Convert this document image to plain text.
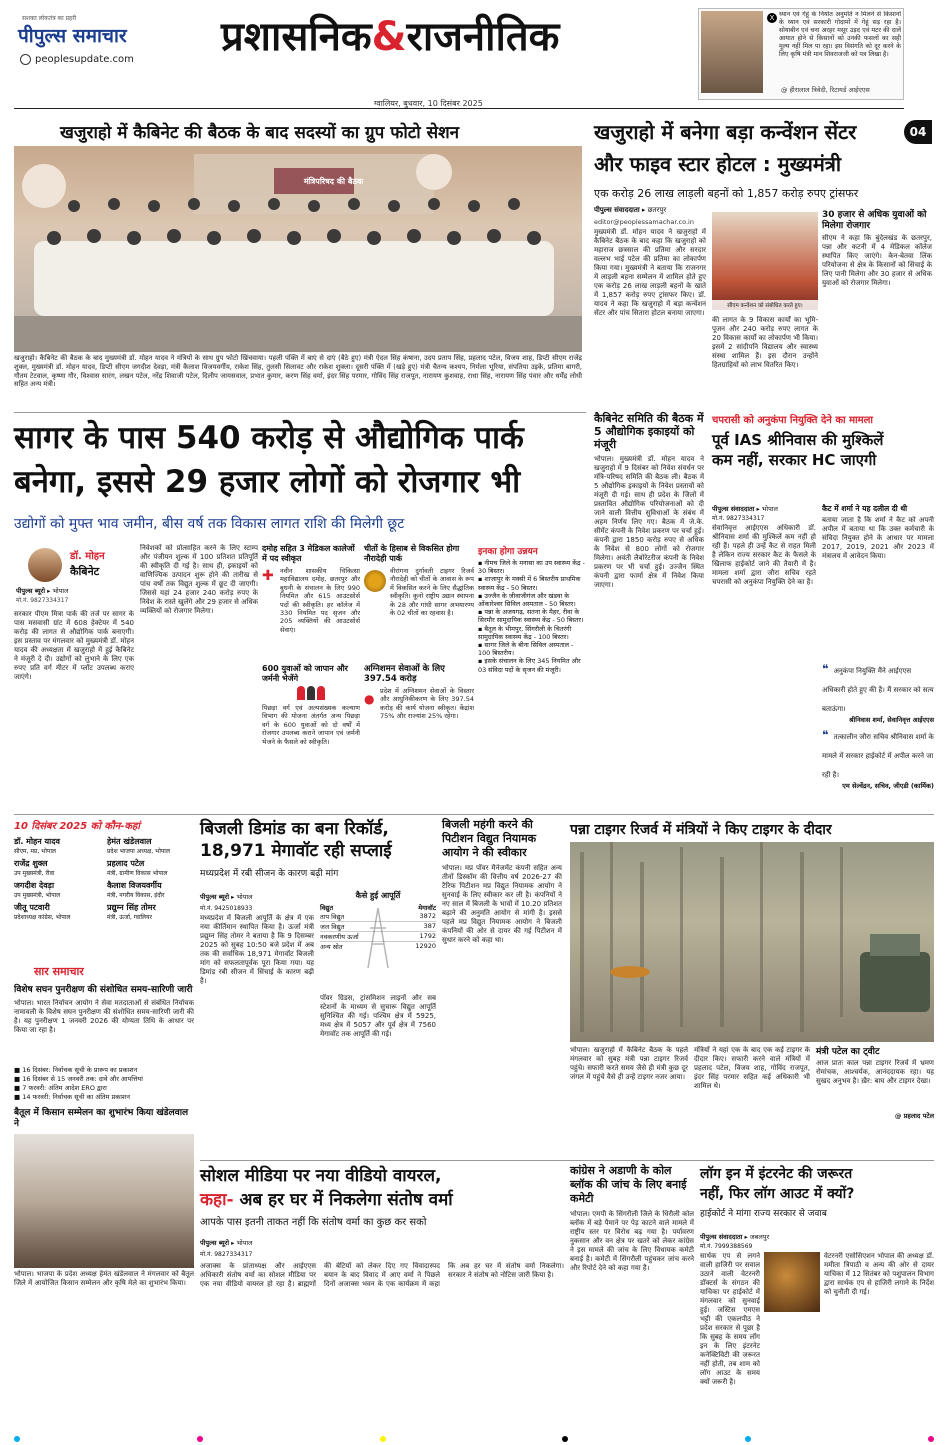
सशक्त लोकतंत्र का प्रहरी
पीपुल्स समाचार
peoplesupdate.com प्रशासनिक&राजनीतिक
ग्वालियर, बुधवार, 10 दिसंबर 2025
X ध्यान एवं गेहूं के निर्यात अनुमति न मिलने से किसानों के ध्यान एवं सरकारी गोदामों में गेहूं सड़ रहा है। सोयाबीन एवं चना अरहर मसूर उड़द एवं मटर की दालें आयात होने से किसानों को उनकी फसलों का सही मूल्य नहीं मिल पा रहा। इस विसंगति को दूर करने के लिए कृषि मंत्री मान शिवराजजी को पत्र लिखा है।
@ हीरालाल त्रिवेदी, रिटायर्ड आईएएस
04
खजुराहो में कैबिनेट की बैठक के बाद सदस्यों का ग्रुप फोटो सेशन
मंत्रिपरिषद की बैठक
खजुराहो। कैबिनेट की बैठक के बाद मुख्यमंत्री डॉ. मोहन यादव ने मंत्रियों के साथ ग्रुप फोटो खिंचवाया। पहली पंक्ति में बाएं से दाएं (बैठे हुए) मंत्री ऐदल सिंह कंषाना, उदय प्रताप सिंह, प्रहलाद पटेल, विजय शाह, डिप्टी सीएम राजेंद्र शुक्ल, मुख्यमंत्री डॉ. मोहन यादव, डिप्टी सीएम जगदीश देवड़ा, मंत्री कैलाश विजयवर्गीय, राकेश सिंह, तुलसी सिलावट और राकेश शुक्ला। दूसरी पंक्ति में (खड़े हुए) मंत्री चैतन्य कश्यप, निर्मला भूरिया, संपतिया उइके, प्रतिमा बागरी, गौतम टेटवाल, कृष्णा गौर, विश्वास सारंग, लखन पटेल, नरेंद्र शिवाजी पटेल, दिलीप जायसवाल, प्रभात कुमार, करण सिंह वर्मा, इंदर सिंह परमार, गोविंद सिंह राजपूत, नारायण कुशवाह, राधा सिंह, नारायण सिंह पंवार और धर्मेंद्र लोधी सहित अन्य मंत्री।
खजुराहो में बनेगा बड़ा कन्वेंशन सेंटर
और फाइव स्टार होटल : मुख्यमंत्री
एक करोड़ 26 लाख लाड़ली बहनों को 1,857 करोड़ रुपए ट्रांसफर
पीपुल्स संवाददाता ▸ छतरपुर
editor@peoplessamachar.co.in
मुख्यमंत्री डॉ. मोहन यादव ने खजुराहो में कैबिनेट बैठक के बाद कहा कि खजुराहो को महाराज छत्रसाल की प्रतिमा और सरदार वल्लभ भाई पटेल की प्रतिमा का लोकार्पण किया गया। मुख्यमंत्री ने बताया कि राजनगर में लाड़ली बहना सम्मेलन में शामिल होते हुए एक करोड़ 26 लाख लाड़ली बहनों के खाते में 1,857 करोड़ रुपए ट्रांसफर किए। डॉ. यादव ने कहा कि खजुराहो में बड़ा कन्वेंशन सेंटर और पांच सितारा होटल बनाया जाएगा।
सीएम कन्वेंशन को संबोधित करते हुए।
की लागत के 9 विकास कार्यों का भूमि-पूजन और 240 करोड़ रुपए लागत के 20 विकास कार्यों का लोकार्पण भी किया। इसमें 2 सांदीपनि विद्यालय और स्वास्थ्य संस्था शामिल हैं। इस दौरान उन्होंने हितग्राहियों को लाभ वितरित किए।
30 हजार से अधिक युवाओं को मिलेगा रोजगार
सीएम ने कहा कि बुंदेलखंड के छतरपुर, पन्ना और कटनी में 4 मेडिकल कॉलेज स्थापित किए जाएंगे। केन-बेतवा लिंक परियोजना से क्षेत्र के किसानों को सिंचाई के लिए पानी मिलेगा और 30 हजार से अधिक युवाओं को रोजगार मिलेगा।
सागर के पास 540 करोड़ से औद्योगिक पार्क
बनेगा, इससे 29 हजार लोगों को रोजगार भी
उद्योगों को मुफ्त भाव जमीन, बीस वर्ष तक विकास लागत राशि की मिलेगी छूट
डॉ. मोहन
कैबिनेट
पीपुल्स ब्यूरो ▸ भोपाल
मो.नं. 9827334317
सरकार पीएम मित्रा पार्क की तर्ज पर सागर के पास मसवासी ग्रांट में 608 हेक्टेयर में 540 करोड़ की लागत से औद्योगिक पार्क बनाएगी। इस प्रस्ताव पर मंगलवार को मुख्यमंत्री डॉ. मोहन यादव की अध्यक्षता में खजुराहो में हुई कैबिनेट ने मंजूरी दे दी। उद्योगों को लुभाने के लिए एक रुपए प्रति वर्ग मीटर में प्लॉट उपलब्ध कराए जाएंगे।
निवेशकों को प्रोत्साहित करने के लिए स्टाम्प और पंजीयन शुल्क में 100 प्रतिशत प्रतिपूर्ति की स्वीकृति दी गई है। साथ ही, इकाइयों को वाणिज्यिक उत्पादन शुरू होने की तारीख से पांच वर्षों तक विद्युत शुल्क में छूट दी जाएगी। जिससे यहां 24 हजार 240 करोड़ रुपए के निवेश के रास्ते खुलेंगे और 29 हजार से अधिक व्यक्तियों को रोजगार मिलेगा।
दमोह सहित 3 मेडिकल कालेजों में पद स्वीकृत
✚ नवीन शासकीय चिकित्सा महाविद्यालय दमोह, छतरपुर और बुधनी के संचालन के लिए 990 नियमित और 615 आउटसोर्स पदों की स्वीकृति। हर कॉलेज में 330 नियमित पद सृजन और 205 व्यक्तियों की आउटसोर्स सेवाएं।
600 युवाओं को जापान और जर्मनी भेजेंगे
पिछड़ा वर्ग एवं अल्पसंख्यक कल्याण विभाग की योजना अंतर्गत अन्य पिछड़ा वर्ग के 600 युवाओं को दो वर्षों में रोजगार उपलब्ध कराने जापान एवं जर्मनी भेजने के फैसले को स्वीकृति।
चीतों के हिसाब से विकसित होगा नौरादेही पार्क
वीरांगना दुर्गावती टाइगर रिजर्व नौरादेही को चीतों के आवास के रूप में विकसित करने के लिए सैद्धांतिक स्वीकृति। कूनो राष्ट्रीय उद्यान स्थापना के 28 और गांधी सागर अभयारण्य के 02 चीतों का रहवास है।
अग्निशमन सेवाओं के लिए 397.54 करोड़
●
प्रदेश में अग्निशमन सेवाओं के विस्तार और आधुनिकीकरण के लिए 397.54 करोड़ की कार्य योजना स्वीकृत। केंद्रांश 75% और राज्यांश 25% रहेगा।
इनका होगा उन्नयन
▪ नीमच जिले के मनासा का उप स्वास्थ्य केंद्र - 30 बिस्तर।
▪ शाजापुर के मक्सी में 6 बिस्तरीय प्राथमिक स्वास्थ्य केंद्र - 50 बिस्तर।
▪ उज्जैन के जीवाजीगंज और खंडवा के ओंकारेश्वर सिविल अस्पताल - 50 बिस्तर।
▪ पन्ना के अजयगढ़, सतना के मैहर, रीवा के सिरमौर सामुदायिक स्वास्थ्य केंद्र - 50 बिस्तर।
▪ बैतूल के भीमपुर, सिंगरौली के चितरंगी सामुदायिक स्वास्थ्य केंद्र - 100 बिस्तर।
▪ सागर जिले के बीना सिविल अस्पताल - 100 बिस्तरीय।
▪ इसके संचालन के लिए 345 नियमित और 03 संविदा पदों के सृजन की मंजूरी।
कैबिनेट समिति की बैठक में 5 औद्योगिक इकाइयों को मंजूरी
भोपाल। मुख्यमंत्री डॉ. मोहन यादव ने खजुराहो में 9 दिसंबर को निवेश संवर्धन पर मंत्रि-परिषद समिति की बैठक ली। बैठक में 5 औद्योगिक इकाइयों के निवेश प्रस्तावों को मंजूरी दी गई। साथ ही प्रदेश के जिलों में प्रस्तावित औद्योगिक परियोजनाओं को दी जाने वाली वित्तीय सुविधाओं के संबंध में अहम निर्णय लिए गए। बैठक में जे.के. सीमेंट कंपनी के निवेश प्रकरण पर चर्चा हुई। कंपनी द्वारा 1850 करोड़ रुपए से अधिक के निवेश से 800 लोगों को रोजगार मिलेगा। अवंती लैबोरेटरीज कंपनी के निवेश प्रकरण पर भी चर्चा हुई। उज्जैन स्थित कंपनी द्वारा फार्मा क्षेत्र में निवेश किया जाएगा।
चपरासी को अनुकंपा नियुक्ति देने का मामला
पूर्व IAS श्रीनिवास की मुश्किलें
कम नहीं, सरकार HC जाएगी
पीपुल्स संवाददाता ▸ भोपाल
मो.नं. 9827334317
सेवानिवृत्त आईएएस अधिकारी डॉ. श्रीनिवास शर्मा की मुश्किलें कम नहीं हो रही हैं। पहले ही उन्हें कैट से राहत मिली है लेकिन राज्य सरकार कैट के फैसले के खिलाफ हाईकोर्ट जाने की तैयारी में है। मामला शर्मा द्वारा जौरा सचिव रहते चपरासी को अनुकंपा नियुक्ति देने का है।
कैट में शर्मा ने यह दलील दी थी
बताया जाता है कि शर्मा ने कैट को अपनी अपील में बताया था कि उक्त कर्मचारी के संविदा नियुक्त होने के आधार पर मामला 2017, 2019, 2021 और 2023 में मंत्रालय में आवेदन किया।
❝ अनुकंपा नियुक्ति मैंने आईएएस अधिकारी होते हुए की है। मैं सरकार को सत्य बताऊंगा।
श्रीनिवास शर्मा, सेवानिवृत्त आईएएस
❝ तत्कालीन जौरा सचिव श्रीनिवास शर्मा के मामले में सरकार हाईकोर्ट में अपील करने जा रही है।
एम सेल्वेंद्रन, सचिव, जीएडी (कार्मिक)
10 दिसंबर 2025 को कौन-कहां
डॉ. मोहन यादव
सीएम, मप्र, भोपाल
हेमंत खंडेलवाल
प्रदेश भाजपा अध्यक्ष, भोपाल
राजेंद्र शुक्ल
उप मुख्यमंत्री, रीवा
प्रहलाद पटेल
मंत्री, ग्रामीण विकास भोपाल
जगदीश देवड़ा
उप मुख्यमंत्री, भोपाल
कैलाश विजयवर्गीय
मंत्री, नगरीय विकास, इंदौर
जीतू पटवारी
प्रदेशाध्यक्ष कांग्रेस, भोपाल
प्रद्युम्न सिंह तोमर
मंत्री, ऊर्जा, ग्वालियर
सार समाचार
विशेष सघन पुनरीक्षण की संशोधित समय-सारिणी जारी
भोपाल। भारत निर्वाचन आयोग ने सेवा मतदाताओं से संबंधित निर्वाचक नामावली के विशेष सघन पुनरीक्षण की संशोधित समय-सारिणी जारी की है। यह पुनरीक्षण 1 जनवरी 2026 की योग्यता तिथि के आधार पर किया जा रहा है।
■ 16 दिसंबर: निर्वाचक सूची के प्रारूप का प्रकाशन
■ 16 दिसंबर से 15 जनवरी तक: दावे और आपत्तियां
■ 7 फरवरी: अंतिम आदेश ERO द्वारा
■ 14 फरवरी: निर्वाचक सूची का अंतिम प्रकाशन
बैतूल में किसान सम्मेलन का शुभारंभ किया खंडेलवाल ने
भोपाल। भाजपा के प्रदेश अध्यक्ष हेमंत खंडेलवाल ने मंगलवार को बैतूल जिले में आयोजित किसान सम्मेलन और कृषि मेले का शुभारंभ किया।
बिजली डिमांड का बना रिकॉर्ड,
18,971 मेगावॉट रही सप्लाई
मध्यप्रदेश में रबी सीजन के कारण बढ़ी मांग
पीपुल्स ब्यूरो ▸ भोपाल
मो.नं. 9425018933
मध्यप्रदेश में बिजली आपूर्ति के क्षेत्र में एक नया कीर्तिमान स्थापित किया है। ऊर्जा मंत्री प्रद्युम्न सिंह तोमर ने बताया है कि 9 दिसम्बर 2025 को सुबह 10:50 बजे प्रदेश में अब तक की सर्वाधिक 18,971 मेगावॉट बिजली मांग को सफलतापूर्वक पूरा किया गया। यह डिमांड रबी सीजन में सिंचाई के कारण बढ़ी है।
कैसे हुई आपूर्ति
विद्युत	मेगावॉट
ताप विद्युत	3872
जल विद्युत	387
नवकरणीय ऊर्जा	1792
अन्य स्रोत	12920
पॉवर ग्रिडस, ट्रांसमिशन लाइनों और सब स्टेशनों के माध्यम से सुचारू विद्युत आपूर्ति सुनिश्चित की गई। पश्चिम क्षेत्र में 5925, मध्य क्षेत्र में 5057 और पूर्व क्षेत्र में 7560 मेगावॉट तक आपूर्ति की गई।
बिजली महंगी करने की पिटीशन विद्युत नियामक आयोग ने की स्वीकार
भोपाल। मप्र पॉवर मैनेजमेंट कंपनी सहित अन्य तीनों डिस्कॉम की वित्तीय वर्ष 2026-27 की टैरिफ पिटीशन मप्र विद्युत नियामक आयोग ने सुनवाई के लिए स्वीकार कर ली है। कंपनियों ने नए साल में बिजली के भावों में 10.20 प्रतिशत बढ़ाने की अनुमति आयोग से मांगी है। इससे पहले मप्र विद्युत नियामक आयोग ने बिजली कंपनियों की ओर से दायर की गई पिटीशन में सुधार करने को कहा था।
पन्ना टाइगर रिजर्व में मंत्रियों ने किए टाइगर के दीदार
भोपाल। खजुराहो में कैबिनेट बैठक के पहले मंगलवार को सुबह मंत्री पन्ना टाइगर रिजर्व पहुंचे। सफारी करते समय जैसे ही मंत्री कुछ दूर जंगल में पहुंचे वैसे ही उन्हें टाइगर नजर आया।
मंत्रियों ने यहां एक के बाद एक कई टाइगर के दीदार किए। सफारी करने वाले मंत्रियों में प्रहलाद पटेल, विजय शाह, गोविंद राजपूत, इंदर सिंह परमार सहित कई अधिकारी भी शामिल थे।
मंत्री पटेल का ट्वीट
आज प्रातः काल पन्ना टाइगर रिजर्व में भ्रमण रोमांचक, आश्चर्यक, आनंददायक रहा। यह सुखद अनुभव है। ख़ैर: बाघ और टाइगर देखा।
@ प्रहलाद पटेल
सोशल मीडिया पर नया वीडियो वायरल,
कहा- अब हर घर में निकलेगा संतोष वर्मा
आपके पास इतनी ताकत नहीं कि संतोष वर्मा का कुछ कर सको
पीपुल्स ब्यूरो ▸ भोपाल
मो.नं. 9827334317
अजाक्स के प्रांताध्यक्ष और आईएएस अधिकारी संतोष वर्मा का सोशल मीडिया पर एक नया वीडियो वायरल हो रहा है। ब्राह्मणों की बेटियों को लेकर दिए गए विवादास्पद बयान के बाद विवाद में आए वर्मा ने पिछले दिनों अजाक्स भवन के एक कार्यक्रम में कहा कि अब हर घर में संतोष वर्मा निकलेगा। सरकार ने संतोष को नोटिस जारी किया है।
कांग्रेस ने अडाणी के कोल ब्लॉक की जांच के लिए बनाई कमेटी
भोपाल। एमपी के सिंगरौली जिले के धिरौली कोल ब्लॉक में बड़े पैमाने पर पेड़ काटने वाले मामले में राष्ट्रीय स्तर पर विरोध बढ़ गया है। पर्यावरण नुकसान और वन क्षेत्र पर खतरे को लेकर कांग्रेस ने इस मामले की जांच के लिए विधायक कमेटी बनाई है। कमेटी में सिंगरौली पहुंचकर जांच करने और रिपोर्ट देने को कहा गया है।
लॉग इन में इंटरनेट की जरूरत
नहीं, फिर लॉग आउट में क्यों?
हाईकोर्ट ने मांगा राज्य सरकार से जवाब
पीपुल्स संवाददाता ▸ जबलपुर
मो.नं. 7999388569
सार्थक एप से लगने वाली हाजिरी पर सवाल उठाने वाली वेटरनरी डॉक्टर्स के संगठन की याचिका पर हाईकोर्ट में मंगलवार को सुनवाई हुई। जस्टिस एमएस भट्टी की एकलपीठ ने प्रदेश सरकार से पूछा है कि सुबह के समय लॉग इन के लिए इंटरनेट कनेक्टिविटी की जरूरत नहीं होती, तब शाम को लॉग आउट के समय क्यों जरूरी है।
वेटरनरी एसोसिएशन भोपाल की अध्यक्ष डॉ. ममीता त्रिपाठी व अन्य की ओर से दायर याचिका में 12 सितंबर को पशुपालन विभाग द्वारा सार्थक एप से हाजिरी लगाने के निर्देश को चुनौती दी गई।
